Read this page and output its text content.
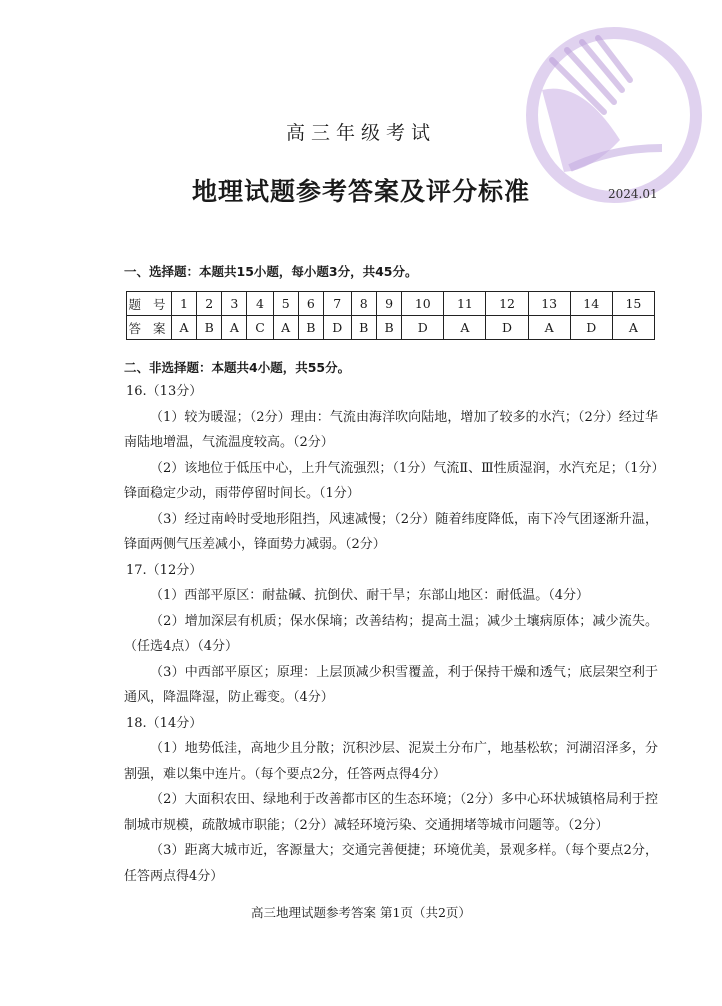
高三年级考试
地理试题参考答案及评分标准	2024.01
一、选择题：本题共15小题，每小题3分，共45分。
题 号	1	2	3	4	5	6	7	8	9	10	11	12	13	14	15
答 案	A	B	A	C	A	B	D	B	B	D	A	D	A	D	A
二、非选择题：本题共4小题，共55分。

16.（13分）

（1）较为暖湿；（2分）理由：气流由海洋吹向陆地，增加了较多的水汽；（2分）经过华南陆地增温，气流温度较高。（2分）

（2）该地位于低压中心，上升气流强烈；（1分）气流Ⅱ、Ⅲ性质湿润，水汽充足；（1分）锋面稳定少动，雨带停留时间长。（1分）

（3）经过南岭时受地形阻挡，风速减慢；（2分）随着纬度降低，南下冷气团逐渐升温，锋面两侧气压差减小，锋面势力减弱。（2分）

17.（12分）

（1）西部平原区：耐盐碱、抗倒伏、耐干旱；东部山地区：耐低温。（4分）

（2）增加深层有机质；保水保墒；改善结构；提高土温；减少土壤病原体；减少流失。（任选4点）（4分）

（3）中西部平原区；原理：上层顶减少积雪覆盖，利于保持干燥和透气；底层架空利于通风，降温降湿，防止霉变。（4分）

18.（14分）

（1）地势低洼，高地少且分散；沉积沙层、泥炭土分布广，地基松软；河湖沼泽多，分割强，难以集中连片。（每个要点2分，任答两点得4分）

（2）大面积农田、绿地利于改善都市区的生态环境；（2分）多中心环状城镇格局利于控制城市规模，疏散城市职能；（2分）减轻环境污染、交通拥堵等城市问题等。（2分）

（3）距离大城市近，客源量大；交通完善便捷；环境优美，景观多样。（每个要点2分，任答两点得4分）

高三地理试题参考答案 第1页（共2页）
